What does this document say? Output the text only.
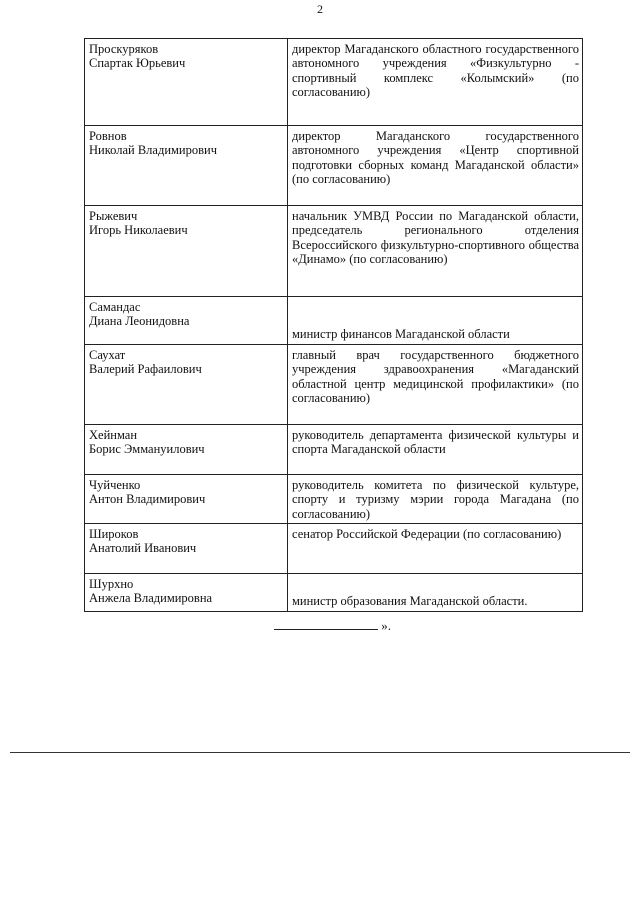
2
Проскуряков
Спартак Юрьевич	директор Магаданского областного государственного автономного учреждения «Физкультурно - спортивный комплекс «Колымский» (по согласованию)

Ровнов
Николай Владимирович	директор Магаданского государственного автономного учреждения «Центр спортивной подготовки сборных команд Магаданской области» (по согласованию)

Рыжевич
Игорь Николаевич	начальник УМВД России по Магаданской области, председатель регионального отделения Всероссийского физкультурно-спортивного общества «Динамо» (по согласованию)

Самандас
Диана Леонидовна	министр финансов Магаданской области

Саухат
Валерий Рафаилович	главный врач государственного бюджетного учреждения здравоохранения «Магаданский областной центр медицинской профилактики» (по согласованию)

Хейнман
Борис Эммануилович	руководитель департамента физической культуры и спорта Магаданской области

Чуйченко
Антон Владимирович	руководитель комитета по физической культуре, спорту и туризму мэрии города Магадана (по согласованию)

Широков
Анатолий Иванович	сенатор Российской Федерации (по согласованию)

Шурхно
Анжела Владимировна	министр образования Магаданской области.
».
